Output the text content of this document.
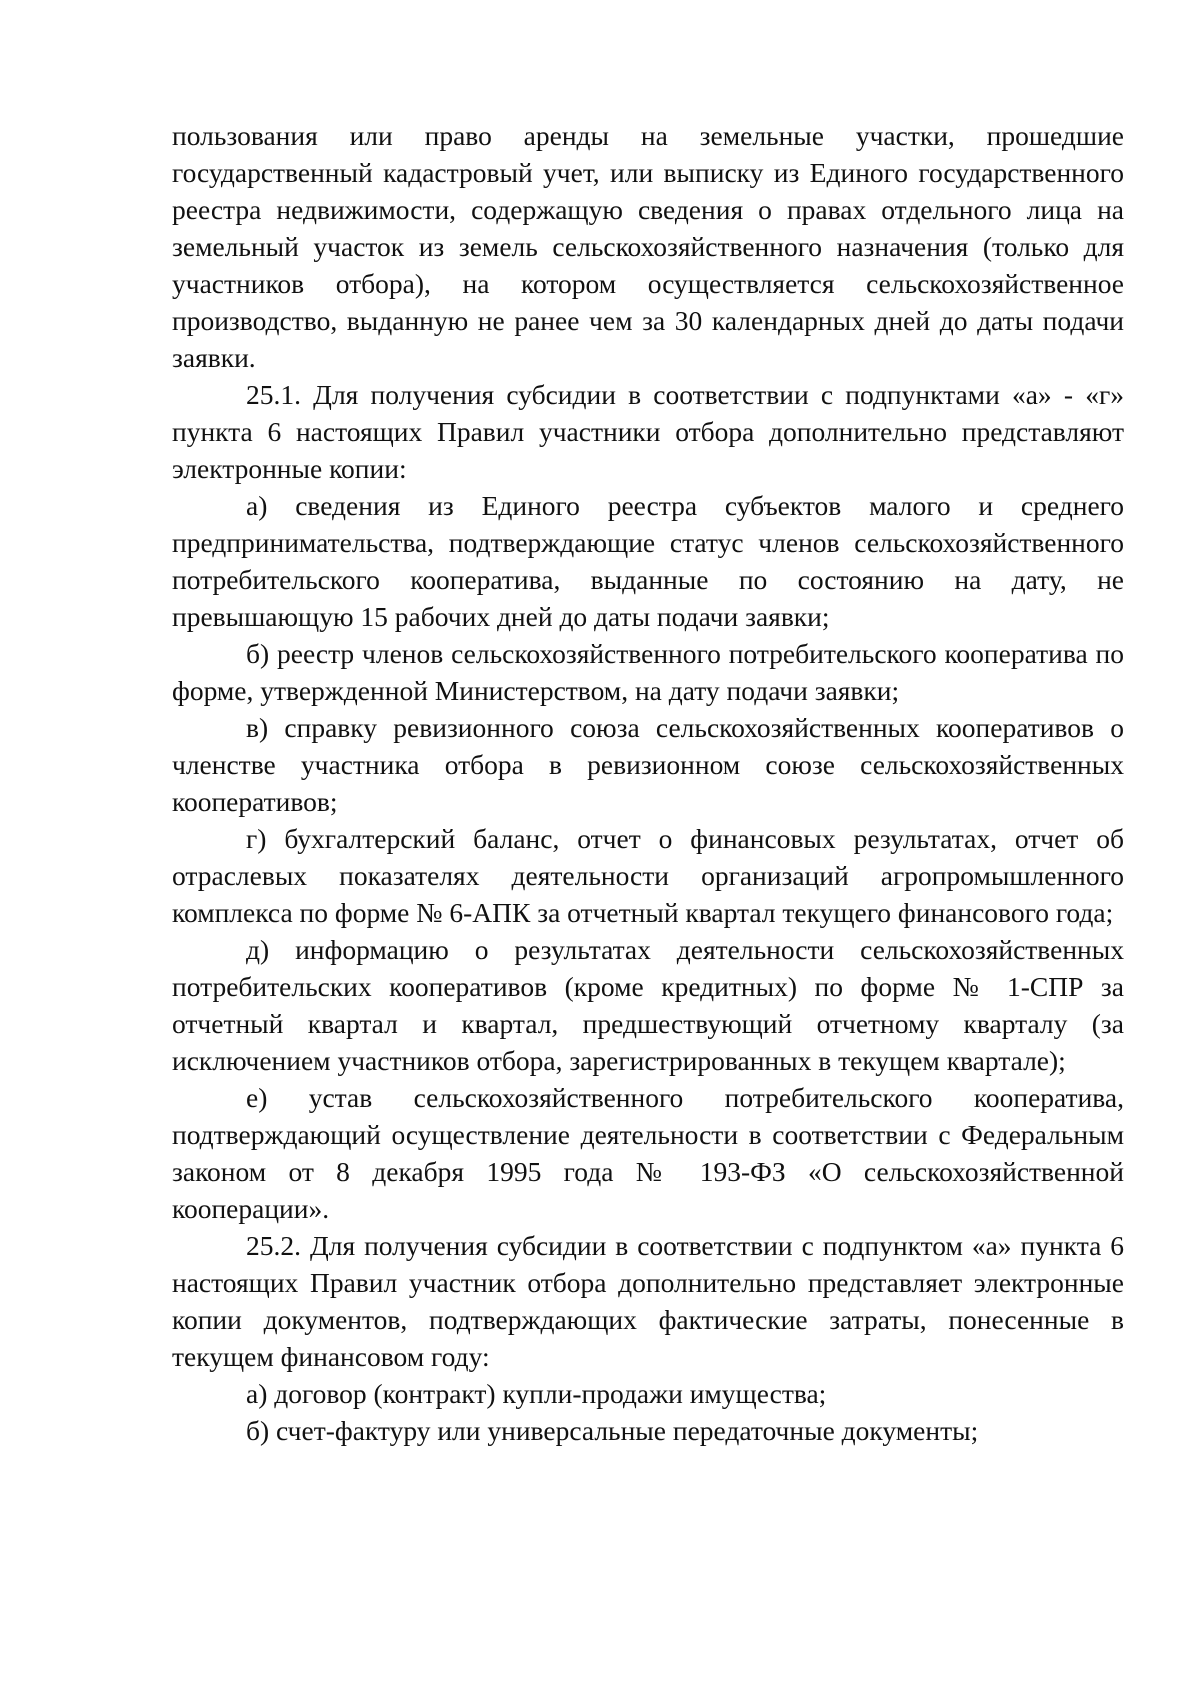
пользования или право аренды на земельные участки, прошедшие государственный кадастровый учет, или выписку из Единого государственного реестра недвижимости, содержащую сведения о правах отдельного лица на земельный участок из земель сельскохозяйственного назначения (только для участников отбора), на котором осуществляется сельскохозяйственное производство, выданную не ранее чем за 30 календарных дней до даты подачи заявки.

25.1. Для получения субсидии в соответствии с подпунктами «а» - «г» пункта 6 настоящих Правил участники отбора дополнительно представляют электронные копии:

а) сведения из Единого реестра субъектов малого и среднего предпринимательства, подтверждающие статус членов сельскохозяйственного потребительского кооператива, выданные по состоянию на дату, не превышающую 15 рабочих дней до даты подачи заявки;

б) реестр членов сельскохозяйственного потребительского кооператива по форме, утвержденной Министерством, на дату подачи заявки;

в) справку ревизионного союза сельскохозяйственных кооперативов о членстве участника отбора в ревизионном союзе сельскохозяйственных кооперативов;

г) бухгалтерский баланс, отчет о финансовых результатах, отчет об отраслевых показателях деятельности организаций агропромышленного комплекса по форме № 6-АПК за отчетный квартал текущего финансового года;

д) информацию о результатах деятельности сельскохозяйственных потребительских кооперативов (кроме кредитных) по форме № 1-СПР за отчетный квартал и квартал, предшествующий отчетному кварталу (за исключением участников отбора, зарегистрированных в текущем квартале);

е) устав сельскохозяйственного потребительского кооператива, подтверждающий осуществление деятельности в соответствии с Федеральным законом от 8 декабря 1995 года № 193-ФЗ «О сельскохозяйственной кооперации».

25.2. Для получения субсидии в соответствии с подпунктом «а» пункта 6 настоящих Правил участник отбора дополнительно представляет электронные копии документов, подтверждающих фактические затраты, понесенные в текущем финансовом году:

а) договор (контракт) купли-продажи имущества;

б) счет-фактуру или универсальные передаточные документы;
